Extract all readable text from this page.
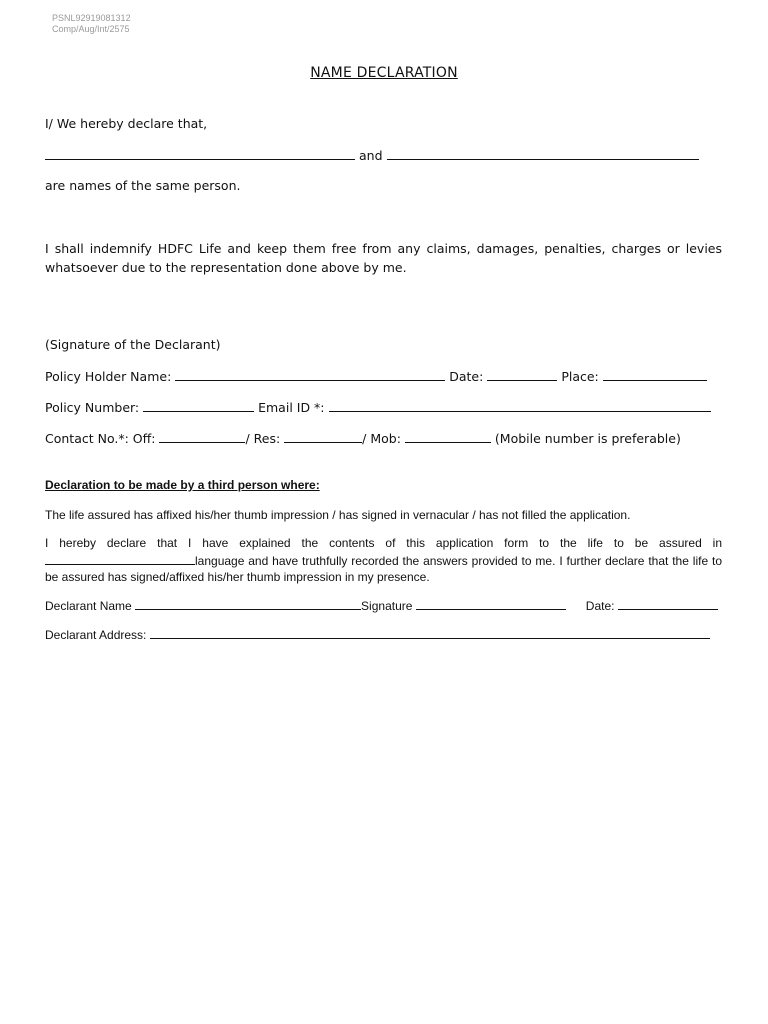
PSNL92919081312
Comp/Aug/Int/2575
NAME DECLARATION
I/ We hereby declare that,
and
are names of the same person.
I shall indemnify HDFC Life and keep them free from any claims, damages, penalties, charges or levies whatsoever due to the representation done above by me.
(Signature of the Declarant)
Policy Holder Name:	Date:	Place:
Policy Number:	Email ID *:
Contact No.*: Off:	/ Res:	/ Mob:	(Mobile number is preferable)
Declaration to be made by a third person where:
The life assured has affixed his/her thumb impression / has signed in vernacular / has not filled the application.
I hereby declare that I have explained the contents of this application form to the life to be assured in language and have truthfully recorded the answers provided to me. I further declare that the life to be assured has signed/affixed his/her thumb impression in my presence.
Declarant Name	Signature	Date:
Declarant Address:
